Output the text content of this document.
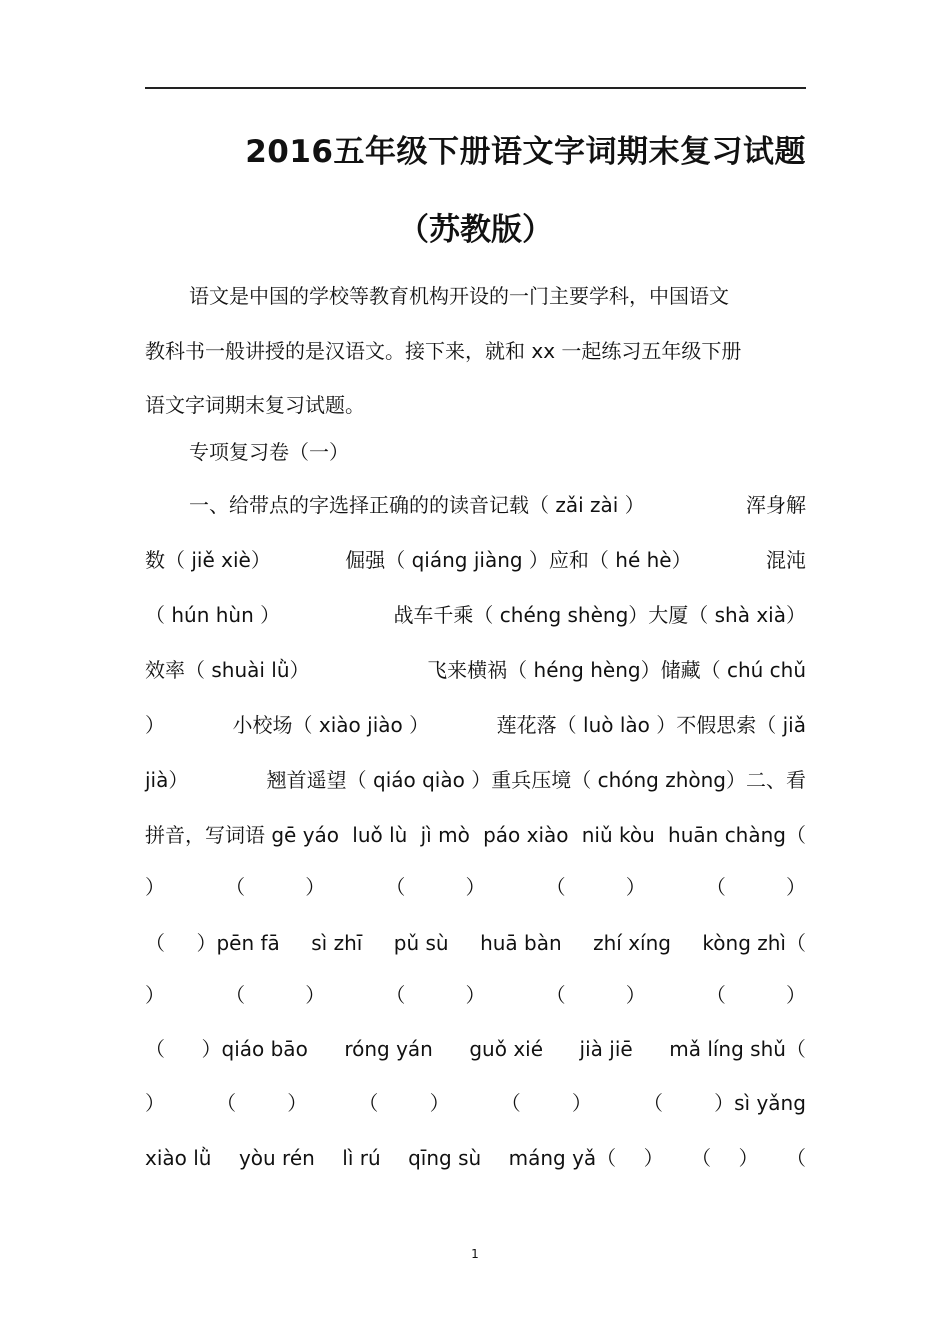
2016五年级下册语文字词期末复习试题
（苏教版）
语文是中国的学校等教育机构开设的一门主要学科，中国语文
教科书一般讲授的是汉语文。接下来，就和 xx 一起练习五年级下册
语文字词期末复习试题。
专项复习卷（一）
一、给带点的字选择正确的的读音记载（ zǎi zài ）	浑身解
数（ jiě xiè）	倔强（ qiáng jiàng ）应和（ hé hè）	混沌
（ hún hùn ）	战车千乘（ chéng shèng）大厦（ shà xià）
效率（ shuài lǜ）	飞来横祸（ héng hèng）储藏（ chú chǔ
）	小校场（ xiào jiào ）	莲花落（ luò lào ）不假思索（ jiǎ
jià）	翘首遥望（ qiáo qiào ）重兵压境（ chóng zhòng）二、看
拼音，写词语 gē yáo luǒ lù jì mò páo xiào niǔ kòu huān chàng（
）	（	）	（	）	（	）	（	）
（ ）pēn fā sì zhī pǔ sù huā bàn zhí xíng kòng zhì（
）	（	）	（	）	（	）	（	）
（ ）qiáo bāo róng yán guǒ xié jià jiē mǎ líng shǔ（
）	（	）	（	）	（	）	（	）sì yǎng
xiào lǜ yòu rén lì rú qīng sù máng yǎ（ ） （ ） （
1
